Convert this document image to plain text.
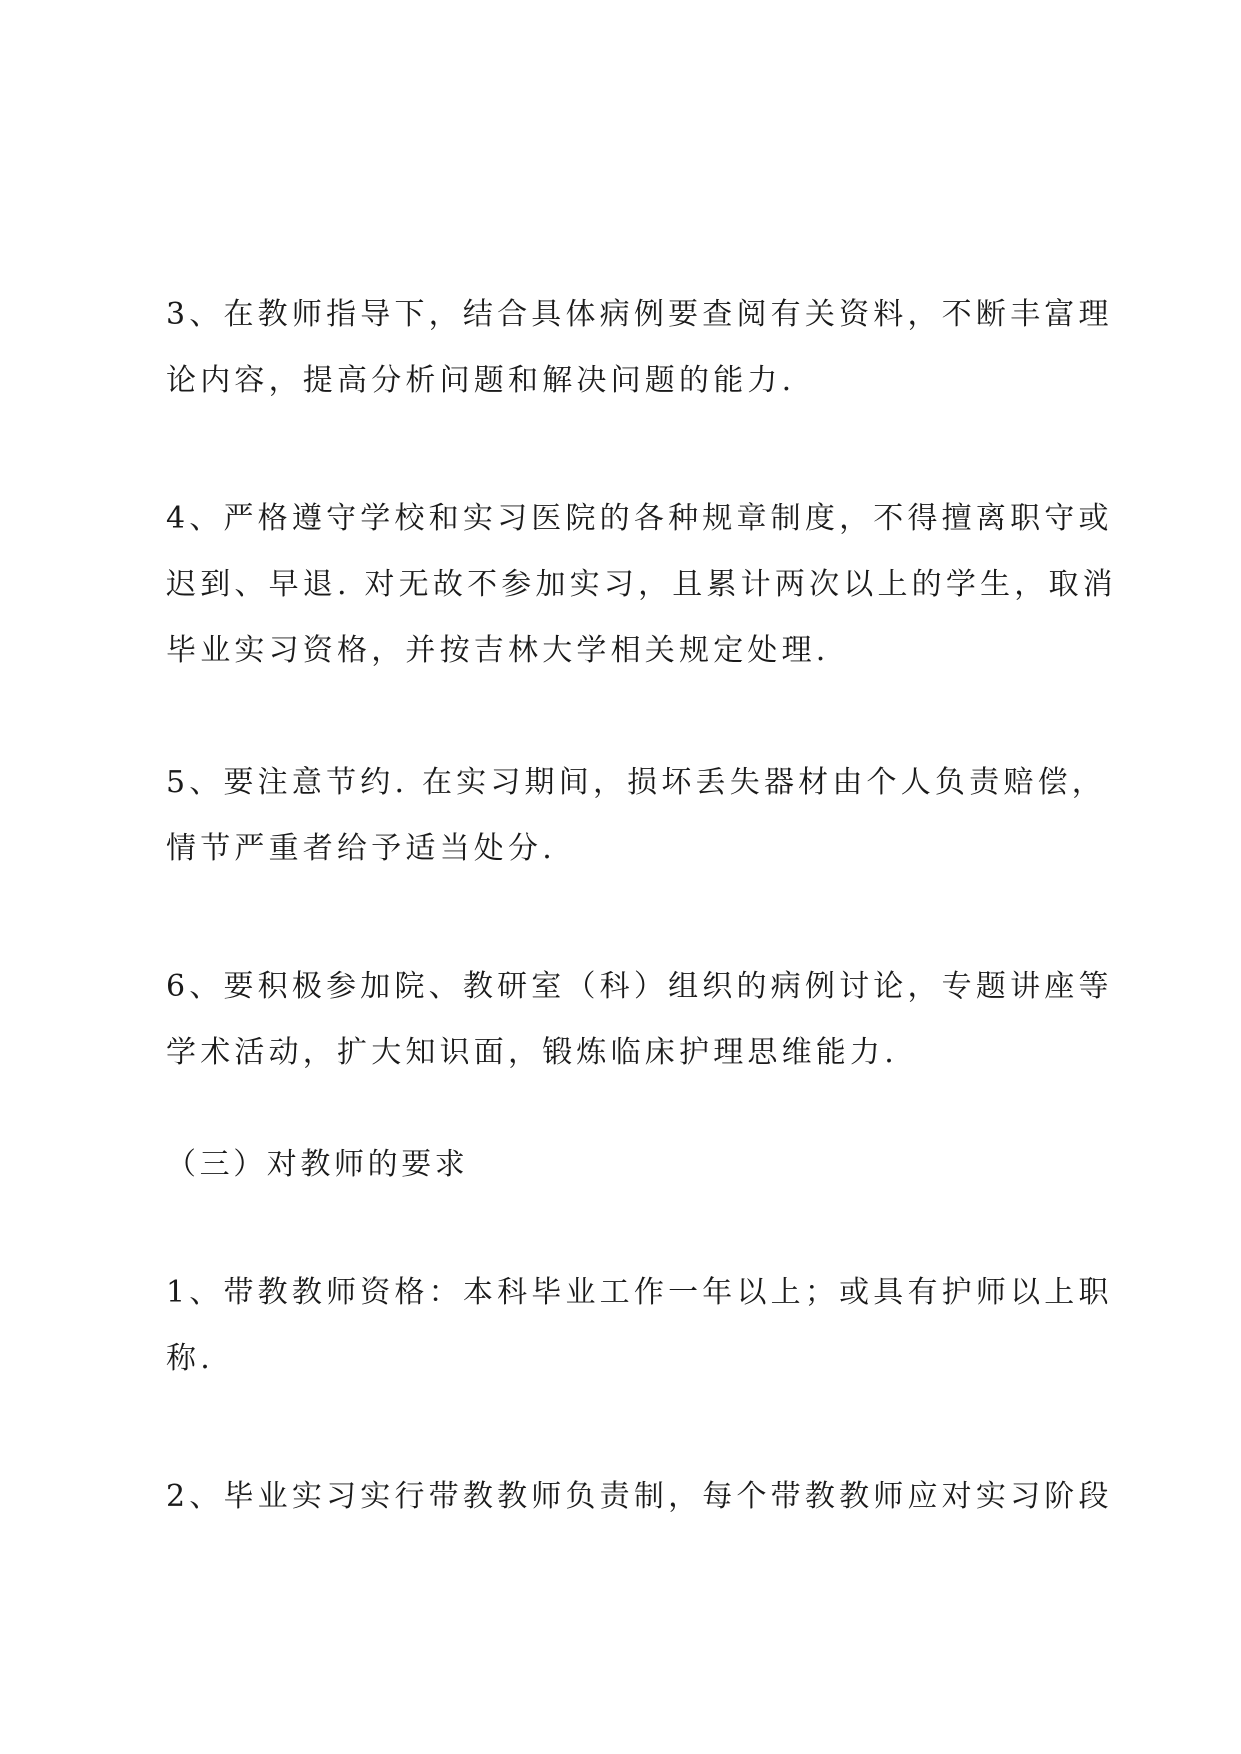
3、在教师指导下，结合具体病例要查阅有关资料，不断丰富理
论内容，提高分析问题和解决问题的能力.

4、严格遵守学校和实习医院的各种规章制度，不得擅离职守或
迟到、早退. 对无故不参加实习，且累计两次以上的学生，取消
毕业实习资格，并按吉林大学相关规定处理.

5、要注意节约. 在实习期间，损坏丢失器材由个人负责赔偿，
情节严重者给予适当处分.

6、要积极参加院、教研室（科）组织的病例讨论，专题讲座等
学术活动，扩大知识面，锻炼临床护理思维能力.

（三）对教师的要求

1、带教教师资格：本科毕业工作一年以上；或具有护师以上职
称.

2、毕业实习实行带教教师负责制，每个带教教师应对实习阶段
